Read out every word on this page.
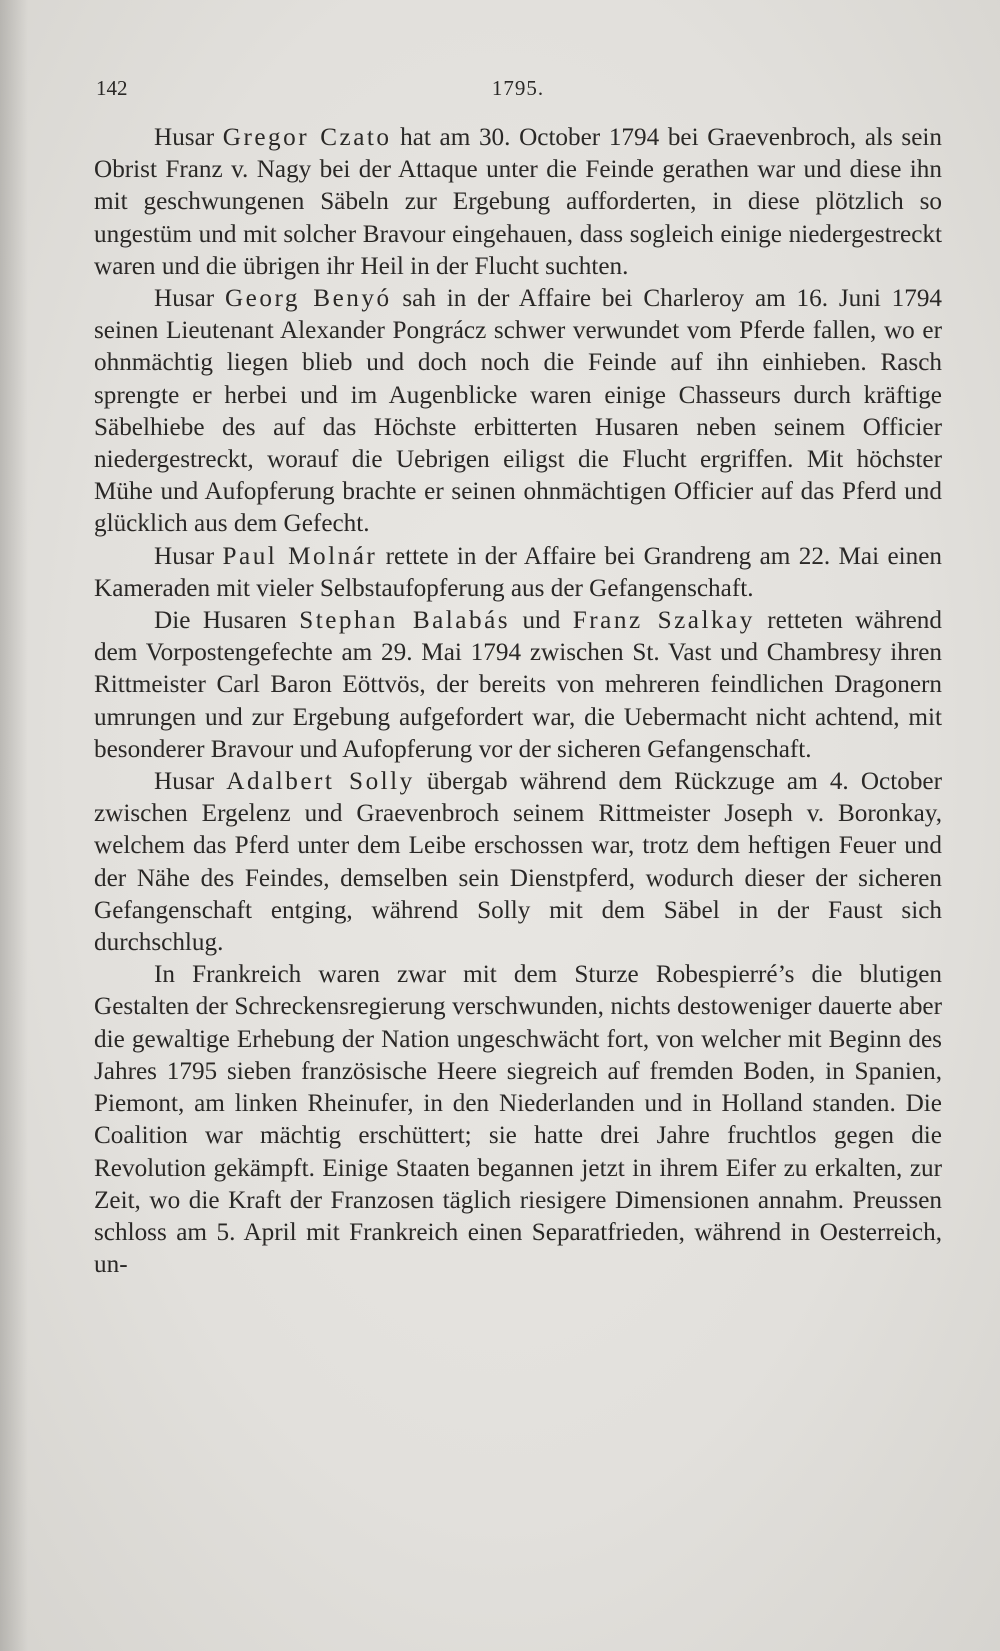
142	1795.

Husar Gregor Czato hat am 30. October 1794 bei Graevenbroch, als sein Obrist Franz v. Nagy bei der Attaque unter die Feinde gerathen war und diese ihn mit geschwungenen Säbeln zur Ergebung aufforderten, in diese plötzlich so ungestüm und mit solcher Bravour eingehauen, dass sogleich einige niedergestreckt waren und die übrigen ihr Heil in der Flucht suchten.

Husar Georg Benyó sah in der Affaire bei Charleroy am 16. Juni 1794 seinen Lieutenant Alexander Pongrácz schwer verwundet vom Pferde fallen, wo er ohnmächtig liegen blieb und doch noch die Feinde auf ihn einhieben. Rasch sprengte er herbei und im Augenblicke waren einige Chasseurs durch kräftige Säbelhiebe des auf das Höchste erbitterten Husaren neben seinem Officier niedergestreckt, worauf die Uebrigen eiligst die Flucht ergriffen. Mit höchster Mühe und Aufopferung brachte er seinen ohnmächtigen Officier auf das Pferd und glücklich aus dem Gefecht.

Husar Paul Molnár rettete in der Affaire bei Grandreng am 22. Mai einen Kameraden mit vieler Selbstaufopferung aus der Gefangenschaft.

Die Husaren Stephan Balabás und Franz Szalkay retteten während dem Vorpostengefechte am 29. Mai 1794 zwischen St. Vast und Chambresy ihren Rittmeister Carl Baron Eöttvös, der bereits von mehreren feindlichen Dragonern umrungen und zur Ergebung aufgefordert war, die Uebermacht nicht achtend, mit besonderer Bravour und Aufopferung vor der sicheren Gefangenschaft.

Husar Adalbert Solly übergab während dem Rückzuge am 4. October zwischen Ergelenz und Graevenbroch seinem Rittmeister Joseph v. Boronkay, welchem das Pferd unter dem Leibe erschossen war, trotz dem heftigen Feuer und der Nähe des Feindes, demselben sein Dienstpferd, wodurch dieser der sicheren Gefangenschaft entging, während Solly mit dem Säbel in der Faust sich durchschlug.

In Frankreich waren zwar mit dem Sturze Robespierré’s die blutigen Gestalten der Schreckensregierung verschwunden, nichts destoweniger dauerte aber die gewaltige Erhebung der Nation ungeschwächt fort, von welcher mit Beginn des Jahres 1795 sieben französische Heere siegreich auf fremden Boden, in Spanien, Piemont, am linken Rheinufer, in den Niederlanden und in Holland standen. Die Coalition war mächtig erschüttert; sie hatte drei Jahre fruchtlos gegen die Revolution gekämpft. Einige Staaten begannen jetzt in ihrem Eifer zu erkalten, zur Zeit, wo die Kraft der Franzosen täglich riesigere Dimensionen annahm. Preussen schloss am 5. April mit Frankreich einen Separatfrieden, während in Oesterreich, un-
